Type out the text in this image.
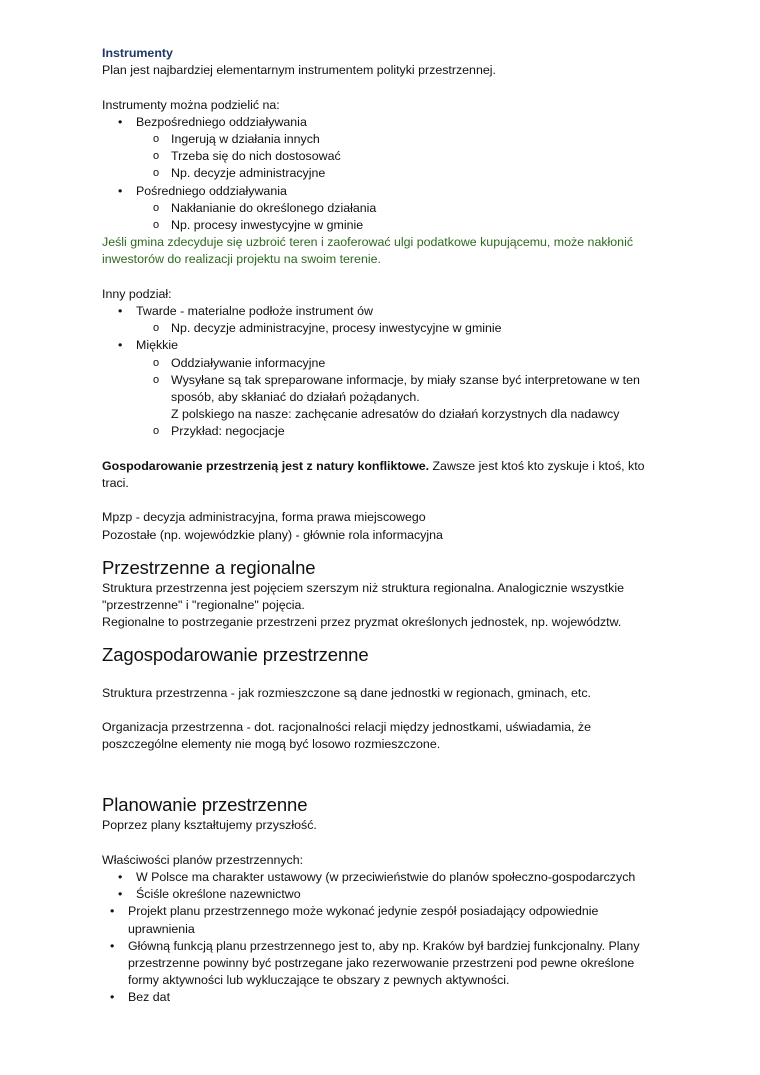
Instrumenty

Plan jest najbardziej elementarnym instrumentem polityki przestrzennej.

Instrumenty można podzielić na:

• Bezpośredniego oddziaływania
o Ingerują w działania innych
o Trzeba się do nich dostosować
o Np. decyzje administracyjne
• Pośredniego oddziaływania
o Nakłanianie do określonego działania
o Np. procesy inwestycyjne w gminie

Jeśli gmina zdecyduje się uzbroić teren i zaoferować ulgi podatkowe kupującemu, może nakłonić
inwestorów do realizacji projektu na swoim terenie.

Inny podział:

• Twarde - materialne podłoże instrument ów
o Np. decyzje administracyjne, procesy inwestycyjne w gminie
• Miękkie
o Oddziaływanie informacyjne
o Wysyłane są tak spreparowane informacje, by miały szanse być interpretowane w ten
sposób, aby skłaniać do działań pożądanych.
Z polskiego na nasze: zachęcanie adresatów do działań korzystnych dla nadawcy
o Przykład: negocjacje

Gospodarowanie przestrzenią jest z natury konfliktowe. Zawsze jest ktoś kto zyskuje i ktoś, kto
traci.

Mpzp - decyzja administracyjna, forma prawa miejscowego

Pozostałe (np. wojewódzkie plany) - głównie rola informacyjna

Przestrzenne a regionalne

Struktura przestrzenna jest pojęciem szerszym niż struktura regionalna. Analogicznie wszystkie
"przestrzenne" i "regionalne" pojęcia.
Regionalne to postrzeganie przestrzeni przez pryzmat określonych jednostek, np. województw.

Zagospodarowanie przestrzenne

Struktura przestrzenna - jak rozmieszczone są dane jednostki w regionach, gminach, etc.

Organizacja przestrzenna - dot. racjonalności relacji między jednostkami, uświadamia, że
poszczególne elementy nie mogą być losowo rozmieszczone.

Planowanie przestrzenne

Poprzez plany kształtujemy przyszłość.

Właściwości planów przestrzennych:

• W Polsce ma charakter ustawowy (w przeciwieństwie do planów społeczno-gospodarczych
• Ściśle określone nazewnictwo
• Projekt planu przestrzennego może wykonać jedynie zespół posiadający odpowiednie
uprawnienia
• Główną funkcją planu przestrzennego jest to, aby np. Kraków był bardziej funkcjonalny. Plany
przestrzenne powinny być postrzegane jako rezerwowanie przestrzeni pod pewne określone
formy aktywności lub wykluczające te obszary z pewnych aktywności.
• Bez dat
